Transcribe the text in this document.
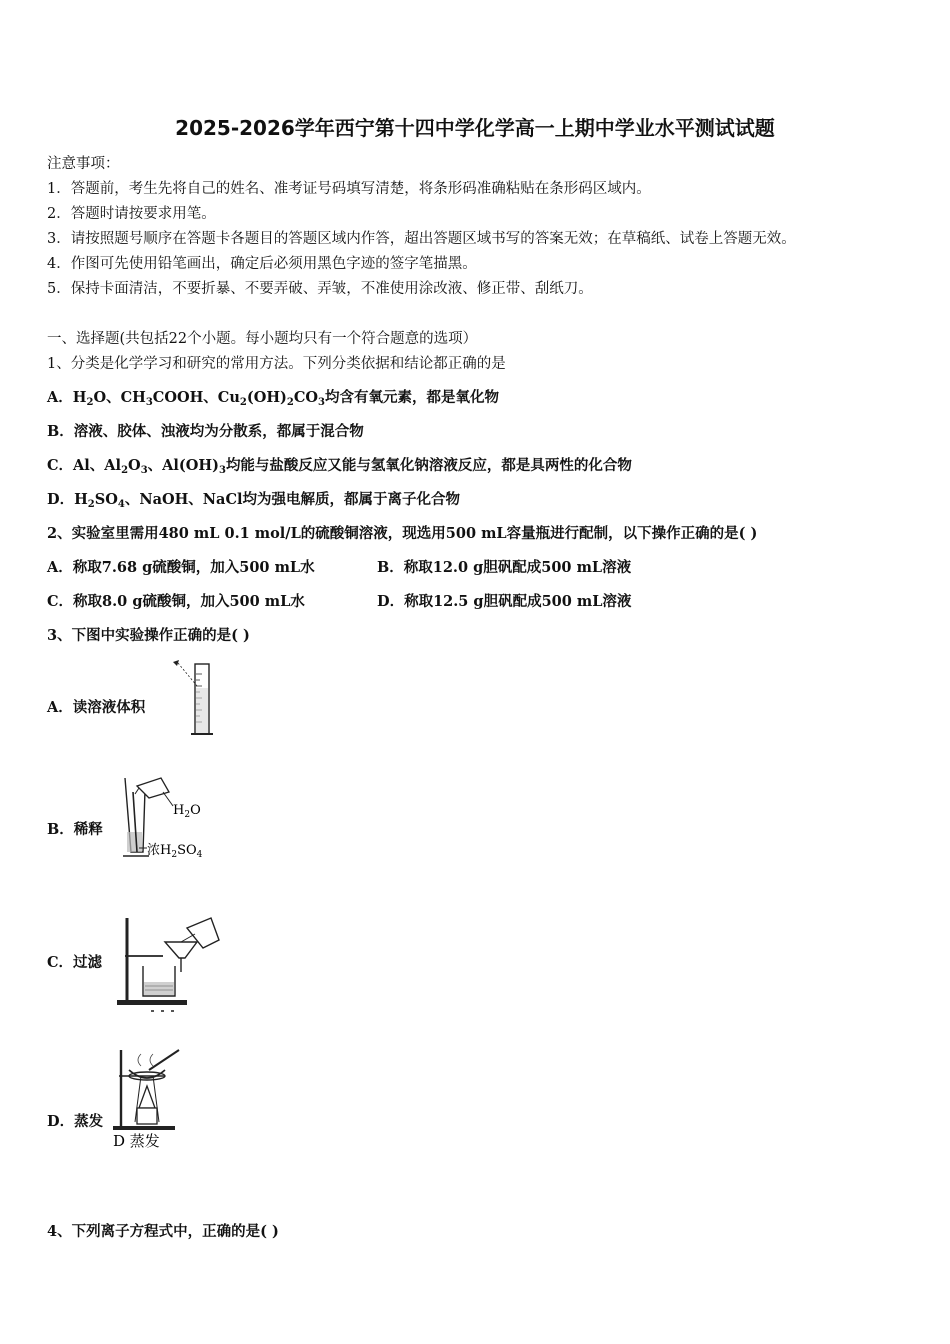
2025-2026学年西宁第十四中学化学高一上期中学业水平测试试题
注意事项：
1．答题前，考生先将自己的姓名、准考证号码填写清楚，将条形码准确粘贴在条形码区域内。
2．答题时请按要求用笔。
3．请按照题号顺序在答题卡各题目的答题区域内作答，超出答题区域书写的答案无效；在草稿纸、试卷上答题无效。
4．作图可先使用铅笔画出，确定后必须用黑色字迹的签字笔描黑。
5．保持卡面清洁，不要折暴、不要弄破、弄皱，不准使用涂改液、修正带、刮纸刀。
一、选择题(共包括22个小题。每小题均只有一个符合题意的选项）
1、分类是化学学习和研究的常用方法。下列分类依据和结论都正确的是
A．$H_2O$、$CH_3COOH$、$Cu_2(OH)_2CO_3$均含有氧元素，都是氧化物
B．溶液、胶体、浊液均为分散系，都属于混合物
C．Al、$Al_2O_3$、$Al(OH)_3$均能与盐酸反应又能与氢氧化钠溶液反应，都是具两性的化合物
D．$H_2SO_4$、NaOH、NaCl均为强电解质，都属于离子化合物
2、实验室里需用480 mL 0.1 mol/L的硫酸铜溶液，现选用500 mL容量瓶进行配制，以下操作正确的是( )
A．称取7.68 g硫酸铜，加入500 mL水	B．称取12.0 g胆矾配成500 mL溶液
C．称取8.0 g硫酸铜，加入500 mL水	D．称取12.5 g胆矾配成500 mL溶液
3、下图中实验操作正确的是( )
A．读溶液体积
B．稀释
$H_2O$
浓$H_2SO_4$
C．过滤
D．蒸发
D 蒸发
4、下列离子方程式中，正确的是( )
